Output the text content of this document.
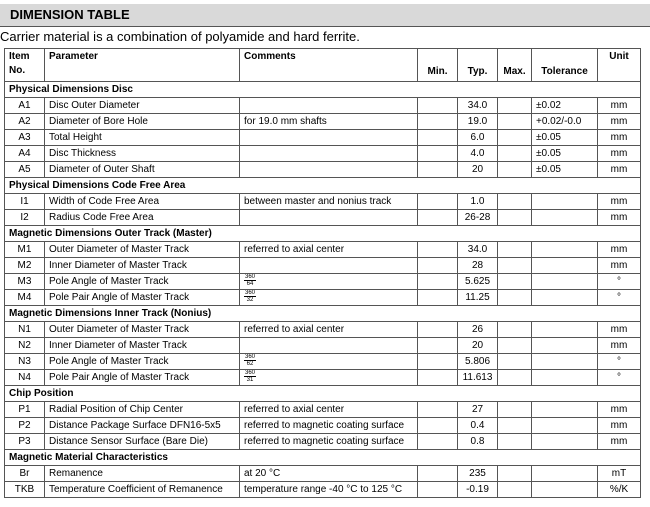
DIMENSION TABLE
Carrier material is a combination of polyamide and hard ferrite.
Item
No.	Parameter	Comments	Min.	Typ.	Max.	Tolerance	Unit
Physical Dimensions Disc							
A1	Disc Outer Diameter			34.0		±0.02	mm
A2	Diameter of Bore Hole	for 19.0 mm shafts		19.0		+0.02/-0.0	mm
A3	Total Height			6.0		±0.05	mm
A4	Disc Thickness			4.0		±0.05	mm
A5	Diameter of Outer Shaft			20		±0.05	mm
Physical Dimensions Code Free Area							
I1	Width of Code Free Area	between master and nonius track		1.0			mm
I2	Radius Code Free Area			26-28			mm
Magnetic Dimensions Outer Track (Master)							
M1	Outer Diameter of Master Track	referred to axial center		34.0			mm
M2	Inner Diameter of Master Track			28			mm
M3	Pole Angle of Master Track	$\frac{360}{64}$		5.625			°
M4	Pole Pair Angle of Master Track	$\frac{360}{32}$		11.25			°
Magnetic Dimensions Inner Track (Nonius)							
N1	Outer Diameter of Master Track	referred to axial center		26			mm
N2	Inner Diameter of Master Track			20			mm
N3	Pole Angle of Master Track	$\frac{360}{62}$		5.806			°
N4	Pole Pair Angle of Master Track	$\frac{360}{31}$		11.613			°
Chip Position							
P1	Radial Position of Chip Center	referred to axial center		27			mm
P2	Distance Package Surface DFN16-5x5	referred to magnetic coating surface		0.4			mm
P3	Distance Sensor Surface (Bare Die)	referred to magnetic coating surface		0.8			mm
Magnetic Material Characteristics							
Br	Remanence	at 20 °C		235			mT
TKB	Temperature Coefficient of Remanence	temperature range -40 °C to 125 °C		-0.19			%/K
